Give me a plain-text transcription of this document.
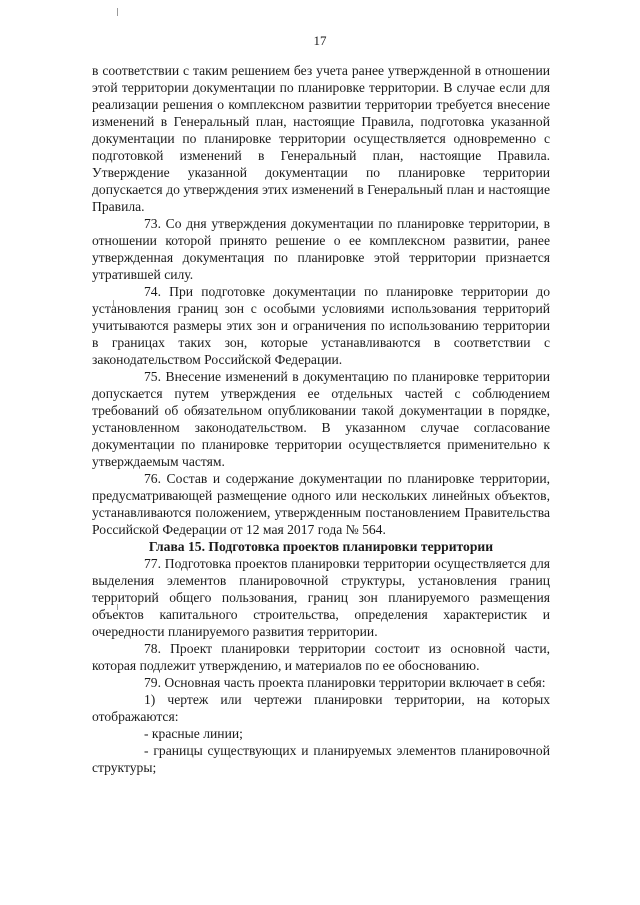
17

в соответствии с таким решением без учета ранее утвержденной в отношении этой территории документации по планировке территории. В случае если для реализации решения о комплексном развитии территории требуется внесение изменений в Генеральный план, настоящие Правила, подготовка указанной документации по планировке территории осуществляется одновременно с подготовкой изменений в Генеральный план, настоящие Правила. Утверждение указанной документации по планировке территории допускается до утверждения этих изменений в Генеральный план и настоящие Правила.

73. Со дня утверждения документации по планировке территории, в отношении которой принято решение о ее комплексном развитии, ранее утвержденная документация по планировке этой территории признается утратившей силу.

74. При подготовке документации по планировке территории до установления границ зон с особыми условиями использования территорий учитываются размеры этих зон и ограничения по использованию территории в границах таких зон, которые устанавливаются в соответствии с законодательством Российской Федерации.

75. Внесение изменений в документацию по планировке территории допускается путем утверждения ее отдельных частей с соблюдением требований об обязательном опубликовании такой документации в порядке, установленном законодательством. В указанном случае согласование документации по планировке территории осуществляется применительно к утверждаемым частям.

76. Состав и содержание документации по планировке территории, предусматривающей размещение одного или нескольких линейных объектов, устанавливаются положением, утвержденным постановлением Правительства Российской Федерации от 12 мая 2017 года № 564.

Глава 15. Подготовка проектов планировки территории

77. Подготовка проектов планировки территории осуществляется для выделения элементов планировочной структуры, установления границ территорий общего пользования, границ зон планируемого размещения объектов капитального строительства, определения характеристик и очередности планируемого развития территории.

78. Проект планировки территории состоит из основной части, которая подлежит утверждению, и материалов по ее обоснованию.

79. Основная часть проекта планировки территории включает в себя:

1) чертеж или чертежи планировки территории, на которых отображаются:

- красные линии;

- границы существующих и планируемых элементов планировочной структуры;
